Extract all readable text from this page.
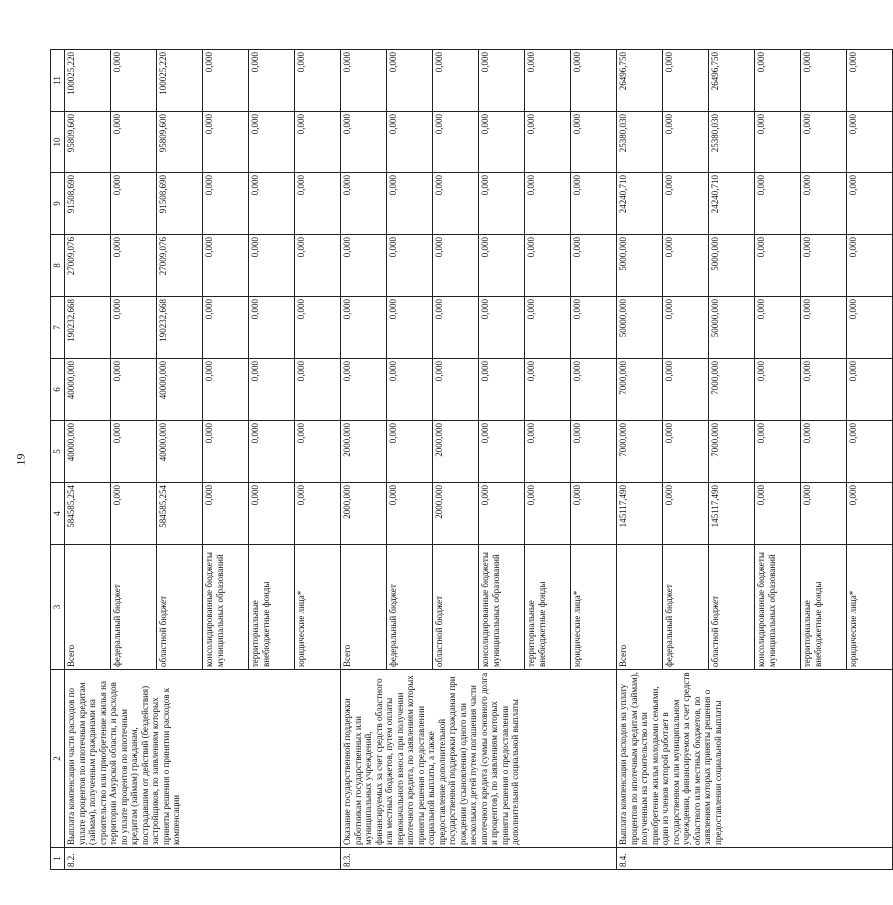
19
1	2	3	4	5	6	7	8	9	10	11
8.2.	Выплата компенсации части расходов по уплате процентов по ипотечным кредитам (займам), полученным гражданами на строительство или приобретение жилья на территории Амурской области, и расходов по уплате процентов по ипотечным кредитам (займам) гражданам, пострадавшим от действий (бездействия) застройщиков, по заявлениям которых приняты решения о принятии расходов к компенсации	Всего	584585,254	40000,000	40000,000	190232,668	27009,076	91508,690	95809,600	100025,220
		федеральный бюджет	0,000	0,000	0,000	0,000	0,000	0,000	0,000	0,000
		областной бюджет	584585,254	40000,000	40000,000	190232,668	27009,076	91508,690	95809,600	100025,220
		консолидированные бюджеты муниципальных образований	0,000	0,000	0,000	0,000	0,000	0,000	0,000	0,000
		территориальные внебюджетные фонды	0,000	0,000	0,000	0,000	0,000	0,000	0,000	0,000
		юридические лица*	0,000	0,000	0,000	0,000	0,000	0,000	0,000	0,000
8.3.	Оказание государственной поддержки работникам государственных или муниципальных учреждений, финансируемых за счет средств областного или местных бюджетов, путем оплаты первоначального взноса при получении ипотечного кредита, по заявлениям которых приняты решения о предоставлении социальной выплаты, а также предоставление дополнительной государственной поддержки гражданам при рождении (усыновлении) одного или нескольких детей путем погашения части ипотечного кредита (суммы основного долга и процентов), по заявлениям которых приняты решения о предоставлении дополнительной социальной выплаты	Всего	2000,000	2000,000	0,000	0,000	0,000	0,000	0,000	0,000
		федеральный бюджет	0,000	0,000	0,000	0,000	0,000	0,000	0,000	0,000
		областной бюджет	2000,000	2000,000	0,000	0,000	0,000	0,000	0,000	0,000
		консолидированные бюджеты муниципальных образований	0,000	0,000	0,000	0,000	0,000	0,000	0,000	0,000
		территориальные внебюджетные фонды	0,000	0,000	0,000	0,000	0,000	0,000	0,000	0,000
		юридические лица*	0,000	0,000	0,000	0,000	0,000	0,000	0,000	0,000
8.4.	Выплата компенсации расходов на уплату процентов по ипотечным кредитам (займам), полученным на строительство или приобретение жилья молодыми семьями, один из членов которой работает в государственном или муниципальном учреждении, финансируемом за счет средств областного или местных бюджетов, по заявлениям которых приняты решения о предоставлении социальной выплаты	Всего	145117,490	7000,000	7000,000	50000,000	5000,000	24240,710	25380,030	26496,750
		федеральный бюджет	0,000	0,000	0,000	0,000	0,000	0,000	0,000	0,000
		областной бюджет	145117,490	7000,000	7000,000	50000,000	5000,000	24240,710	25380,030	26496,750
		консолидированные бюджеты муниципальных образований	0,000	0,000	0,000	0,000	0,000	0,000	0,000	0,000
		территориальные внебюджетные фонды	0,000	0,000	0,000	0,000	0,000	0,000	0,000	0,000
		юридические лица*	0,000	0,000	0,000	0,000	0,000	0,000	0,000	0,000
